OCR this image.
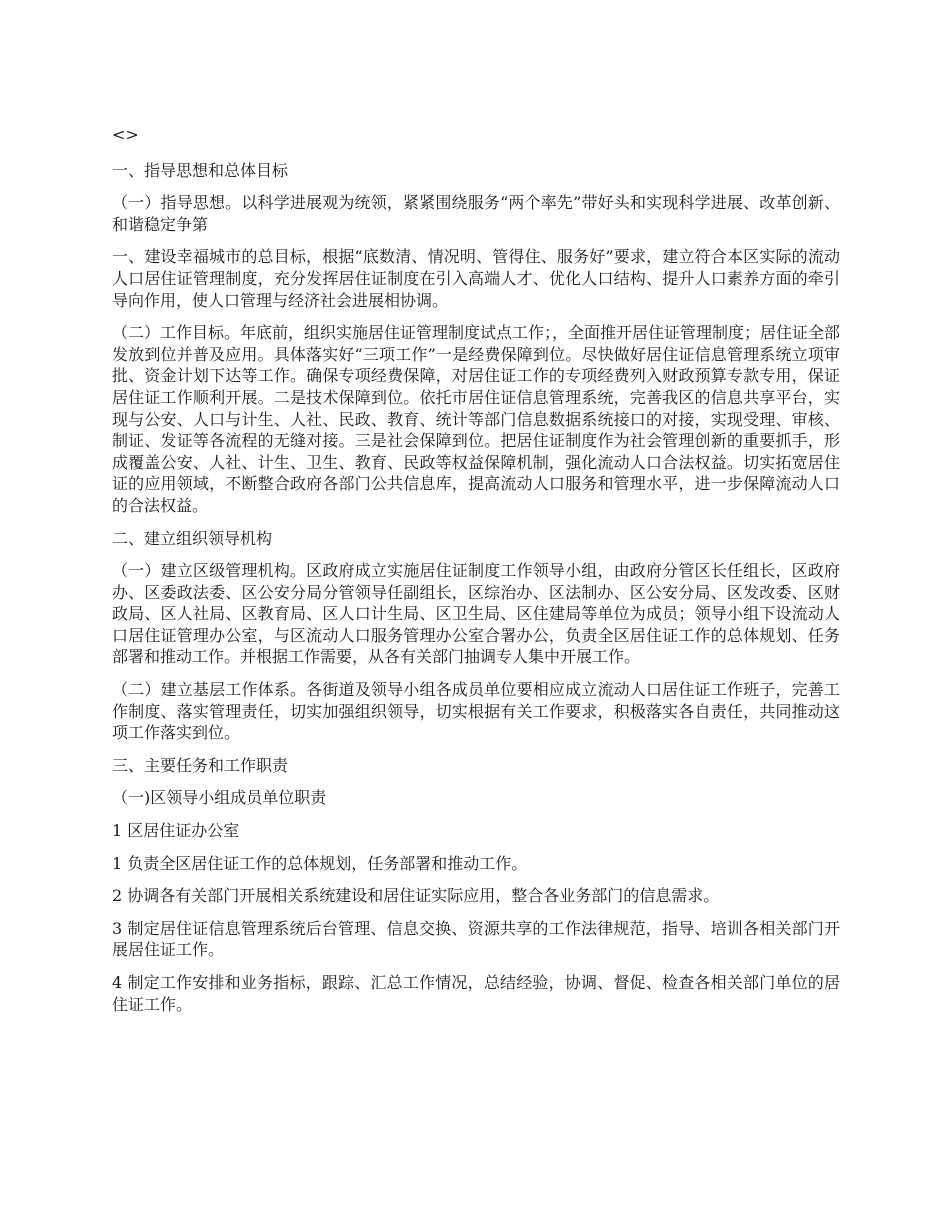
<>

一、指导思想和总体目标

（一）指导思想。以科学进展观为统领，紧紧围绕服务“两个率先”带好头和实现科学进展、改革创新、和谐稳定争第

一、建设幸福城市的总目标，根据“底数清、情况明、管得住、服务好”要求，建立符合本区实际的流动人口居住证管理制度，充分发挥居住证制度在引入高端人才、优化人口结构、提升人口素养方面的牵引导向作用，使人口管理与经济社会进展相协调。

（二）工作目标。年底前，组织实施居住证管理制度试点工作；，全面推开居住证管理制度；居住证全部发放到位并普及应用。具体落实好“三项工作”一是经费保障到位。尽快做好居住证信息管理系统立项审批、资金计划下达等工作。确保专项经费保障，对居住证工作的专项经费列入财政预算专款专用，保证居住证工作顺利开展。二是技术保障到位。依托市居住证信息管理系统，完善我区的信息共享平台，实现与公安、人口与计生、人社、民政、教育、统计等部门信息数据系统接口的对接，实现受理、审核、制证、发证等各流程的无缝对接。三是社会保障到位。把居住证制度作为社会管理创新的重要抓手，形成覆盖公安、人社、计生、卫生、教育、民政等权益保障机制，强化流动人口合法权益。切实拓宽居住证的应用领域，不断整合政府各部门公共信息库，提高流动人口服务和管理水平，进一步保障流动人口的合法权益。

二、建立组织领导机构

（一）建立区级管理机构。区政府成立实施居住证制度工作领导小组，由政府分管区长任组长，区政府办、区委政法委、区公安分局分管领导任副组长，区综治办、区法制办、区公安分局、区发改委、区财政局、区人社局、区教育局、区人口计生局、区卫生局、区住建局等单位为成员；领导小组下设流动人口居住证管理办公室，与区流动人口服务管理办公室合署办公，负责全区居住证工作的总体规划、任务部署和推动工作。并根据工作需要，从各有关部门抽调专人集中开展工作。

（二）建立基层工作体系。各街道及领导小组各成员单位要相应成立流动人口居住证工作班子，完善工作制度、落实管理责任，切实加强组织领导，切实根据有关工作要求，积极落实各自责任，共同推动这项工作落实到位。

三、主要任务和工作职责

（一)区领导小组成员单位职责

1 区居住证办公室

1 负责全区居住证工作的总体规划，任务部署和推动工作。

2 协调各有关部门开展相关系统建设和居住证实际应用，整合各业务部门的信息需求。

3 制定居住证信息管理系统后台管理、信息交换、资源共享的工作法律规范，指导、培训各相关部门开展居住证工作。

4 制定工作安排和业务指标，跟踪、汇总工作情况，总结经验，协调、督促、检查各相关部门单位的居住证工作。
